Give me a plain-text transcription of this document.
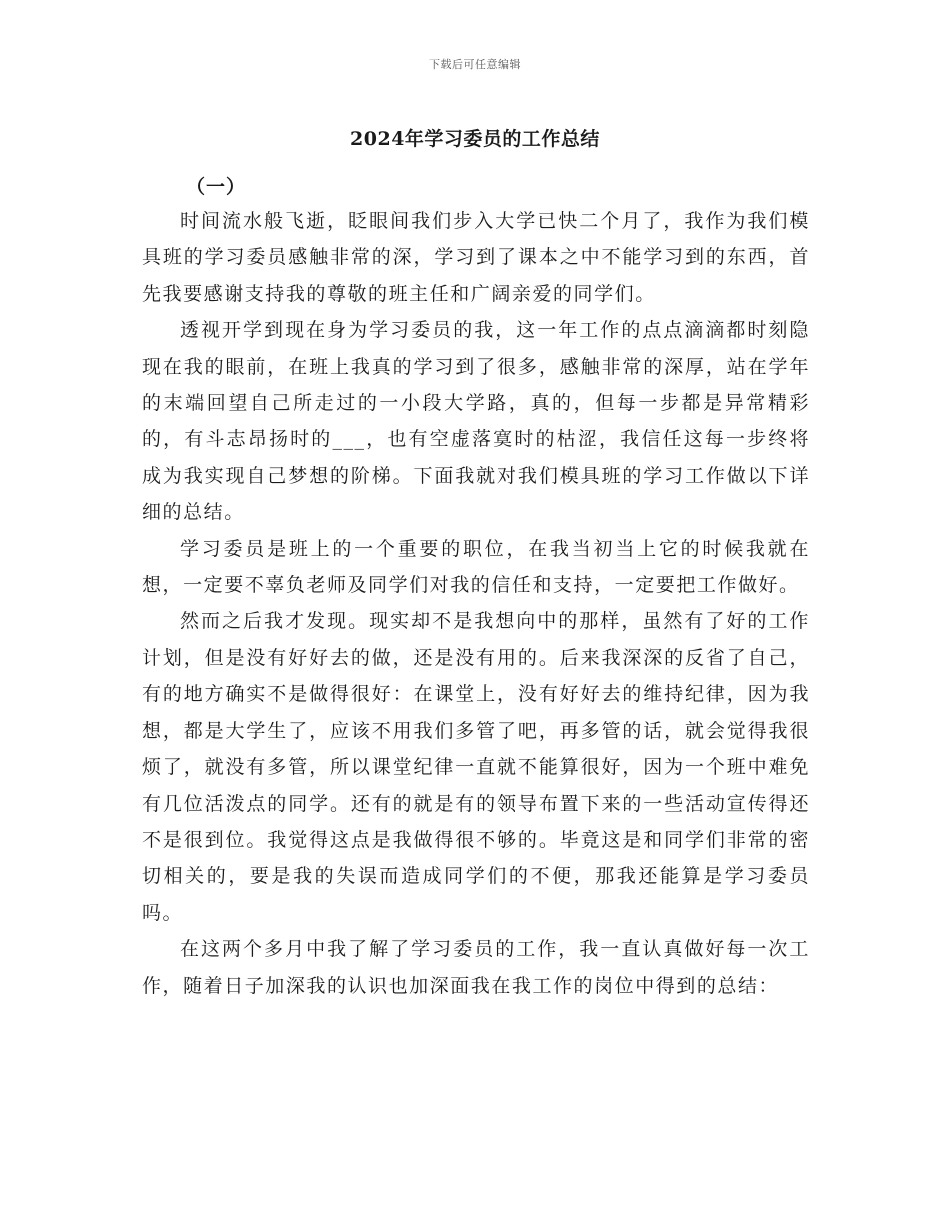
下载后可任意编辑
2024年学习委员的工作总结
（一）

时间流水般飞逝，眨眼间我们步入大学已快二个月了，我作为我们模具班的学习委员感触非常的深，学习到了课本之中不能学习到的东西，首先我要感谢支持我的尊敬的班主任和广阔亲爱的同学们。

透视开学到现在身为学习委员的我，这一年工作的点点滴滴都时刻隐现在我的眼前，在班上我真的学习到了很多，感触非常的深厚，站在学年的末端回望自己所走过的一小段大学路，真的，但每一步都是异常精彩的，有斗志昂扬时的___，也有空虚落寞时的枯涩，我信任这每一步终将成为我实现自己梦想的阶梯。下面我就对我们模具班的学习工作做以下详细的总结。

学习委员是班上的一个重要的职位，在我当初当上它的时候我就在想，一定要不辜负老师及同学们对我的信任和支持，一定要把工作做好。

然而之后我才发现。现实却不是我想向中的那样，虽然有了好的工作计划，但是没有好好去的做，还是没有用的。后来我深深的反省了自己，有的地方确实不是做得很好：在课堂上，没有好好去的维持纪律，因为我想，都是大学生了，应该不用我们多管了吧，再多管的话，就会觉得我很烦了，就没有多管，所以课堂纪律一直就不能算很好，因为一个班中难免有几位活泼点的同学。还有的就是有的领导布置下来的一些活动宣传得还不是很到位。我觉得这点是我做得很不够的。毕竟这是和同学们非常的密切相关的，要是我的失误而造成同学们的不便，那我还能算是学习委员吗。

在这两个多月中我了解了学习委员的工作，我一直认真做好每一次工作，随着日子加深我的认识也加深面我在我工作的岗位中得到的总结：
